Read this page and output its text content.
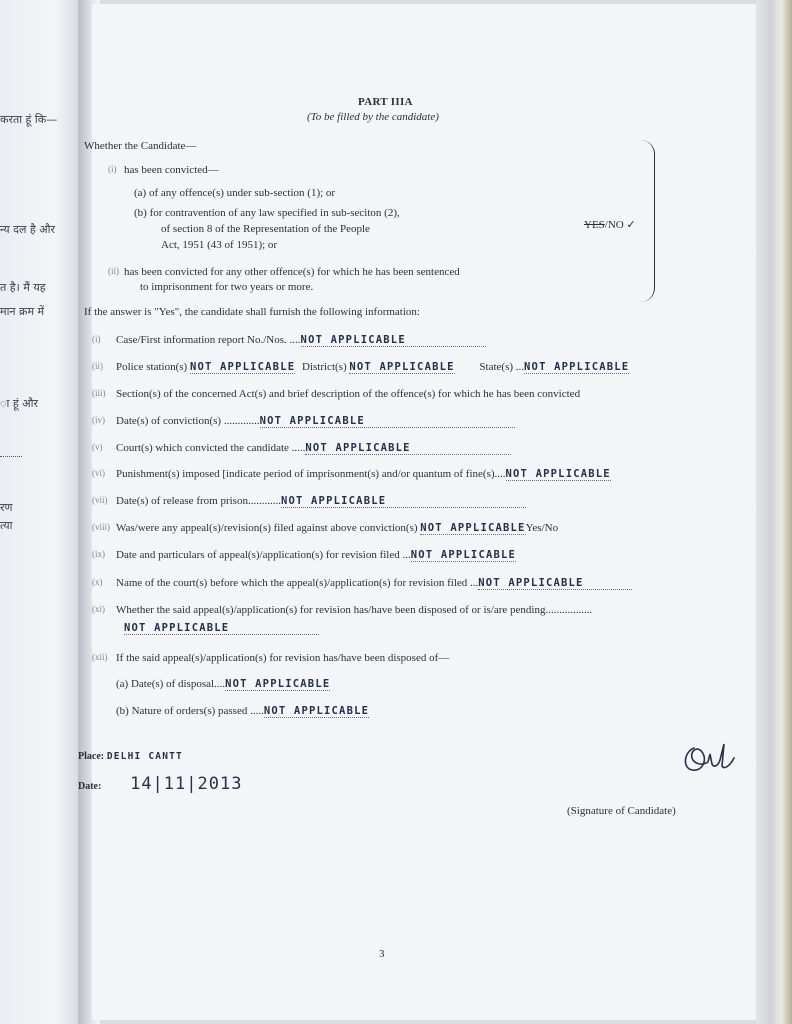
करता हूं कि—
न्य दल है और
त है। मैं यह
मान क्रम में
ा हूं और
रण
त्या
PART IIIA
(To be filled by the candidate)
Whether the Candidate—
(i) has been convicted—
(a) of any offence(s) under sub-section (1); or
(b) for contravention of any law specified in sub-seciton (2),
of section 8 of the Representation of the People
Act, 1951 (43 of 1951); or
(ii) has been convicted for any other offence(s) for which he has been sentenced
to imprisonment for two years or more.
YES/NO ✓
If the answer is "Yes", the candidate shall furnish the following information:
(i) Case/First information report No./Nos. ....NOT APPLICABLE
(ii) Police station(s) NOT APPLICABLE District(s) NOT APPLICABLE State(s) ...NOT APPLICABLE
(iii) Section(s) of the concerned Act(s) and brief description of the offence(s) for which he has been convicted
(iv) Date(s) of conviction(s) .............NOT APPLICABLE
(v) Court(s) which convicted the candidate .....NOT APPLICABLE
(vi) Punishment(s) imposed [indicate period of imprisonment(s) and/or quantum of fine(s)....NOT APPLICABLE
(vii) Date(s) of release from prison............NOT APPLICABLE
(viii) Was/were any appeal(s)/revision(s) filed against above conviction(s) NOT APPLICABLEYes/No
(ix) Date and particulars of appeal(s)/application(s) for revision filed ...NOT APPLICABLE
(x) Name of the court(s) before which the appeal(s)/application(s) for revision filed ...NOT APPLICABLE
(xi) Whether the said appeal(s)/application(s) for revision has/have been disposed of or is/are pending.................
NOT APPLICABLE
(xii) If the said appeal(s)/application(s) for revision has/have been disposed of—
(a) Date(s) of disposal....NOT APPLICABLE
(b) Nature of orders(s) passed .....NOT APPLICABLE
Place: DELHI CANTT
Date: 14|11|2013
(Signature of Candidate)
3
